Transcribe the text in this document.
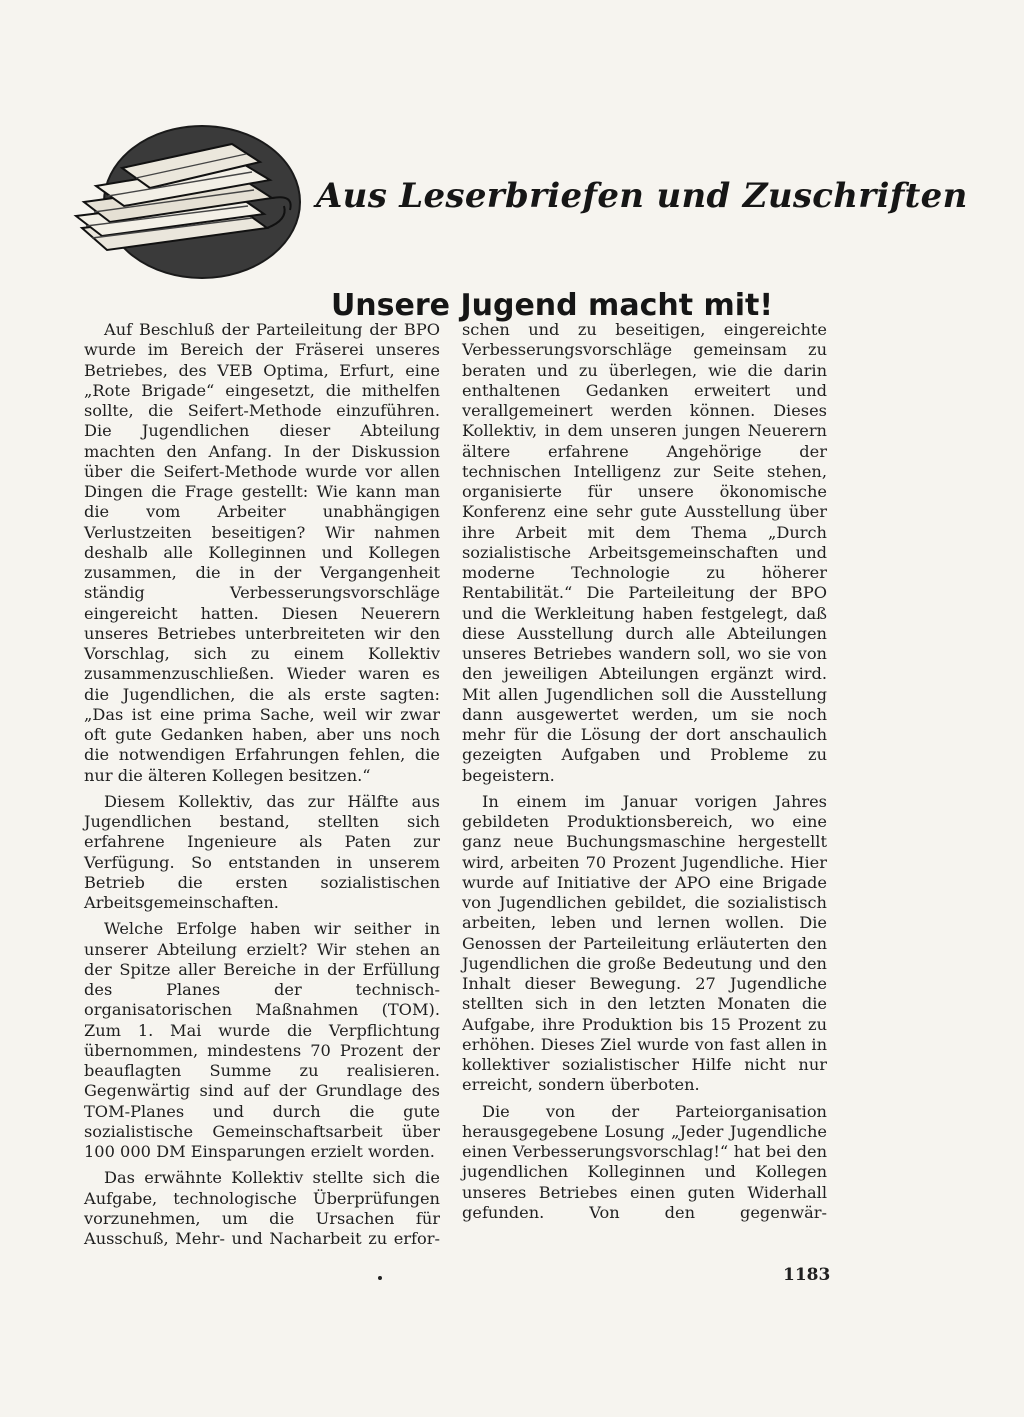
Aus Leserbriefen und Zuschriften
Unsere Jugend macht mit!

Auf Beschluß der Parteileitung der BPO wurde im Bereich der Fräserei unseres Betriebes, des VEB Optima, Erfurt, eine „Rote Brigade“ eingesetzt, die mithelfen sollte, die Seifert-Methode einzuführen. Die Jugendlichen dieser Abteilung machten den Anfang. In der Diskussion über die Seifert-Methode wurde vor allen Dingen die Frage gestellt: Wie kann man die vom Arbeiter unabhängigen Verlustzeiten beseitigen? Wir nahmen deshalb alle Kolleginnen und Kollegen zusammen, die in der Vergangenheit ständig Verbesserungsvorschläge eingereicht hatten. Diesen Neuerern unseres Betriebes unterbreiteten wir den Vorschlag, sich zu einem Kollektiv zusammenzuschließen. Wieder waren es die Jugendlichen, die als erste sagten: „Das ist eine prima Sache, weil wir zwar oft gute Gedanken haben, aber uns noch die notwendigen Erfahrungen fehlen, die nur die älteren Kollegen besitzen.“

Diesem Kollektiv, das zur Hälfte aus Jugendlichen bestand, stellten sich erfahrene Ingenieure als Paten zur Verfügung. So entstanden in unserem Betrieb die ersten sozialistischen Arbeitsgemeinschaften.

Welche Erfolge haben wir seither in unserer Abteilung erzielt? Wir stehen an der Spitze aller Bereiche in der Erfüllung des Planes der technisch-organisatorischen Maßnahmen (TOM). Zum 1. Mai wurde die Verpflichtung übernommen, mindestens 70 Prozent der beauflagten Summe zu realisieren. Gegenwärtig sind auf der Grundlage des TOM-Planes und durch die gute sozialistische Gemeinschaftsarbeit über 100 000 DM Einsparungen erzielt worden.

Das erwähnte Kollektiv stellte sich die Aufgabe, technologische Überprüfungen vorzunehmen, um die Ursachen für Ausschuß, Mehr- und Nacharbeit zu erfor-

schen und zu beseitigen, eingereichte Verbesserungsvorschläge gemeinsam zu beraten und zu überlegen, wie die darin enthaltenen Gedanken erweitert und verallgemeinert werden können. Dieses Kollektiv, in dem unseren jungen Neuerern ältere erfahrene Angehörige der technischen Intelligenz zur Seite stehen, organisierte für unsere ökonomische Konferenz eine sehr gute Ausstellung über ihre Arbeit mit dem Thema „Durch sozialistische Arbeitsgemeinschaften und moderne Technologie zu höherer Rentabilität.“ Die Parteileitung der BPO und die Werkleitung haben festgelegt, daß diese Ausstellung durch alle Abteilungen unseres Betriebes wandern soll, wo sie von den jeweiligen Abteilungen ergänzt wird. Mit allen Jugendlichen soll die Ausstellung dann ausgewertet werden, um sie noch mehr für die Lösung der dort anschaulich gezeigten Aufgaben und Probleme zu begeistern.

In einem im Januar vorigen Jahres gebildeten Produktionsbereich, wo eine ganz neue Buchungsmaschine hergestellt wird, arbeiten 70 Prozent Jugendliche. Hier wurde auf Initiative der APO eine Brigade von Jugendlichen gebildet, die sozialistisch arbeiten, leben und lernen wollen. Die Genossen der Parteileitung erläuterten den Jugendlichen die große Bedeutung und den Inhalt dieser Bewegung. 27 Jugendliche stellten sich in den letzten Monaten die Aufgabe, ihre Produktion bis 15 Prozent zu erhöhen. Dieses Ziel wurde von fast allen in kollektiver sozialistischer Hilfe nicht nur erreicht, sondern überboten.

Die von der Parteiorganisation herausgegebene Losung „Jeder Jugendliche einen Verbesserungsvorschlag!“ hat bei den jugendlichen Kolleginnen und Kollegen unseres Betriebes einen guten Widerhall gefunden. Von den gegenwär-

1183
